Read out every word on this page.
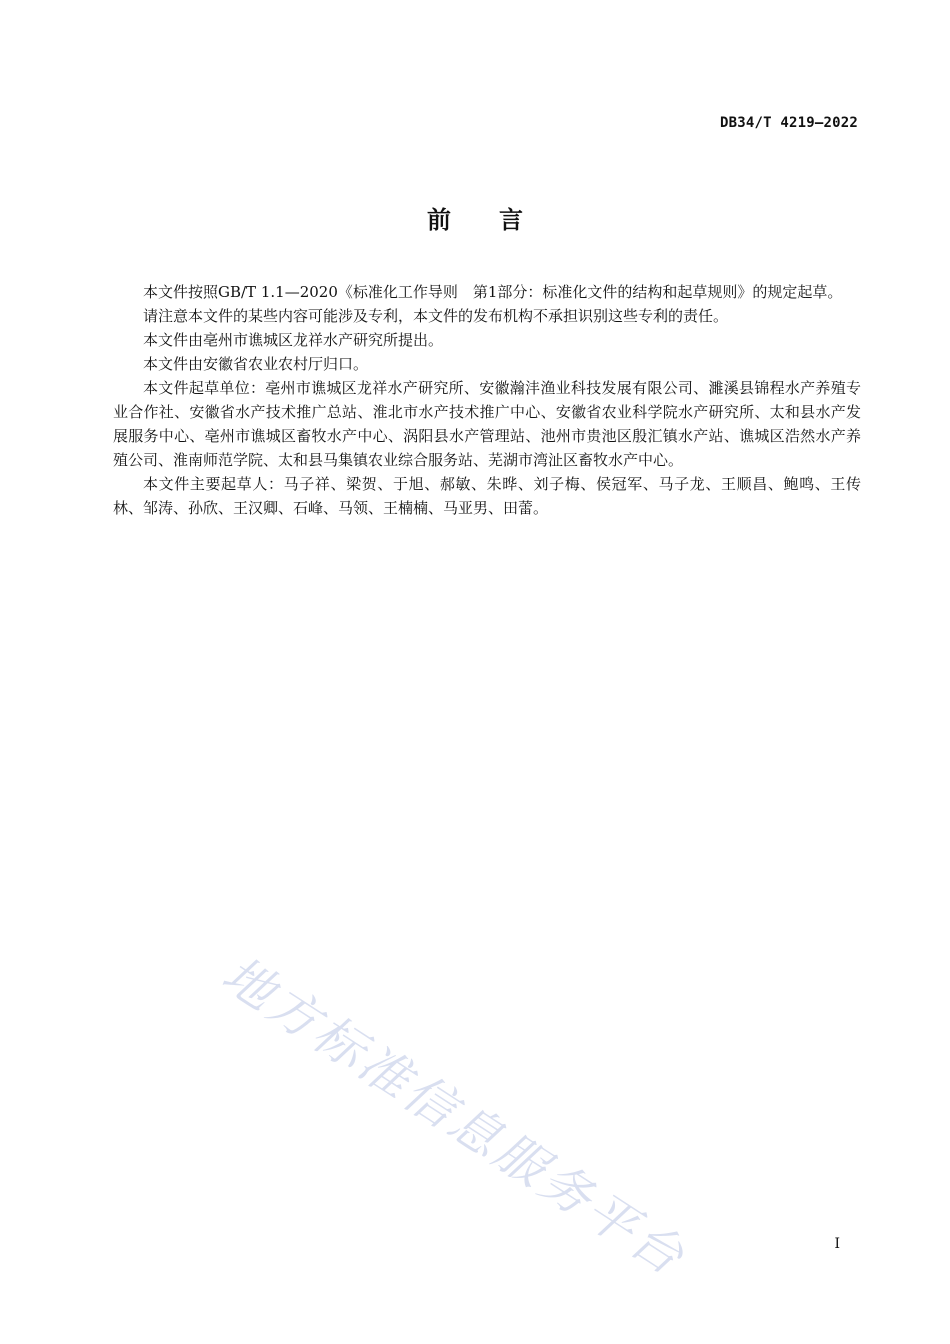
DB34/T 4219—2022
前言

本文件按照GB/T 1.1—2020《标准化工作导则　第1部分：标准化文件的结构和起草规则》的规定起草。

请注意本文件的某些内容可能涉及专利，本文件的发布机构不承担识别这些专利的责任。

本文件由亳州市谯城区龙祥水产研究所提出。

本文件由安徽省农业农村厅归口。

本文件起草单位：亳州市谯城区龙祥水产研究所、安徽瀚沣渔业科技发展有限公司、濉溪县锦程水产养殖专业合作社、安徽省水产技术推广总站、淮北市水产技术推广中心、安徽省农业科学院水产研究所、太和县水产发展服务中心、亳州市谯城区畜牧水产中心、涡阳县水产管理站、池州市贵池区殷汇镇水产站、谯城区浩然水产养殖公司、淮南师范学院、太和县马集镇农业综合服务站、芜湖市湾沚区畜牧水产中心。

本文件主要起草人：马子祥、梁贺、于旭、郝敏、朱晔、刘子梅、侯冠军、马子龙、王顺昌、鲍鸣、王传林、邹涛、孙欣、王汉卿、石峰、马领、王楠楠、马亚男、田蕾。

地方标准信息服务平台	I
